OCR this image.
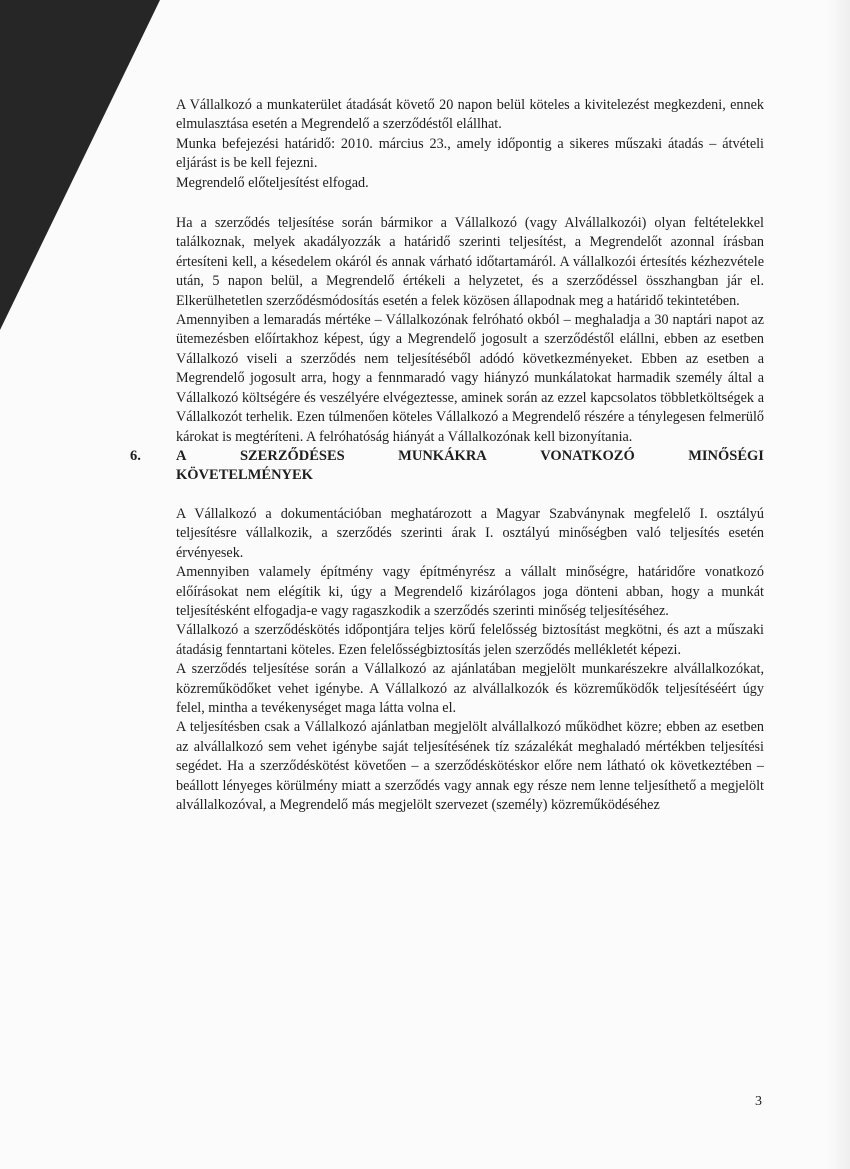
A Vállalkozó a munkaterület átadását követő 20 napon belül köteles a kivitelezést megkezdeni, ennek elmulasztása esetén a Megrendelő a szerződéstől elállhat.

Munka befejezési határidő: 2010. március 23., amely időpontig a sikeres műszaki átadás – átvételi eljárást is be kell fejezni.

Megrendelő előteljesítést elfogad.

Ha a szerződés teljesítése során bármikor a Vállalkozó (vagy Alvállalkozói) olyan feltételekkel találkoznak, melyek akadályozzák a határidő szerinti teljesítést, a Megrendelőt azonnal írásban értesíteni kell, a késedelem okáról és annak várható időtartamáról. A vállalkozói értesítés kézhezvétele után, 5 napon belül, a Megrendelő értékeli a helyzetet, és a szerződéssel összhangban jár el. Elkerülhetetlen szerződésmódosítás esetén a felek közösen állapodnak meg a határidő tekintetében.

Amennyiben a lemaradás mértéke – Vállalkozónak felróható okból – meghaladja a 30 naptári napot az ütemezésben előírtakhoz képest, úgy a Megrendelő jogosult a szerződéstől elállni, ebben az esetben Vállalkozó viseli a szerződés nem teljesítéséből adódó következményeket. Ebben az esetben a Megrendelő jogosult arra, hogy a fennmaradó vagy hiányzó munkálatokat harmadik személy által a Vállalkozó költségére és veszélyére elvégeztesse, aminek során az ezzel kapcsolatos többletköltségek a Vállalkozót terhelik. Ezen túlmenően köteles Vállalkozó a Megrendelő részére a ténylegesen felmerülő károkat is megtéríteni. A felróhatóság hiányát a Vállalkozónak kell bizonyítania.

6. A	SZERZŐDÉSES	MUNKÁKRA	VONATKOZÓ	MINŐSÉGI
KÖVETELMÉNYEK

A Vállalkozó a dokumentációban meghatározott a Magyar Szabványnak megfelelő I. osztályú teljesítésre vállalkozik, a szerződés szerinti árak I. osztályú minőségben való teljesítés esetén érvényesek.

Amennyiben valamely építmény vagy építményrész a vállalt minőségre, határidőre vonatkozó előírásokat nem elégítik ki, úgy a Megrendelő kizárólagos joga dönteni abban, hogy a munkát teljesítésként elfogadja-e vagy ragaszkodik a szerződés szerinti minőség teljesítéséhez.

Vállalkozó a szerződéskötés időpontjára teljes körű felelősség biztosítást megkötni, és azt a műszaki átadásig fenntartani köteles. Ezen felelősségbiztosítás jelen szerződés mellékletét képezi.

A szerződés teljesítése során a Vállalkozó az ajánlatában megjelölt munkarészekre alvállalkozókat, közreműködőket vehet igénybe. A Vállalkozó az alvállalkozók és közreműködők teljesítéséért úgy felel, mintha a tevékenységet maga látta volna el.

A teljesítésben csak a Vállalkozó ajánlatban megjelölt alvállalkozó működhet közre; ebben az esetben az alvállalkozó sem vehet igénybe saját teljesítésének tíz százalékát meghaladó mértékben teljesítési segédet. Ha a szerződéskötést követően – a szerződéskötéskor előre nem látható ok következtében – beállott lényeges körülmény miatt a szerződés vagy annak egy része nem lenne teljesíthető a megjelölt alvállalkozóval, a Megrendelő más megjelölt szervezet (személy) közreműködéséhez

3
